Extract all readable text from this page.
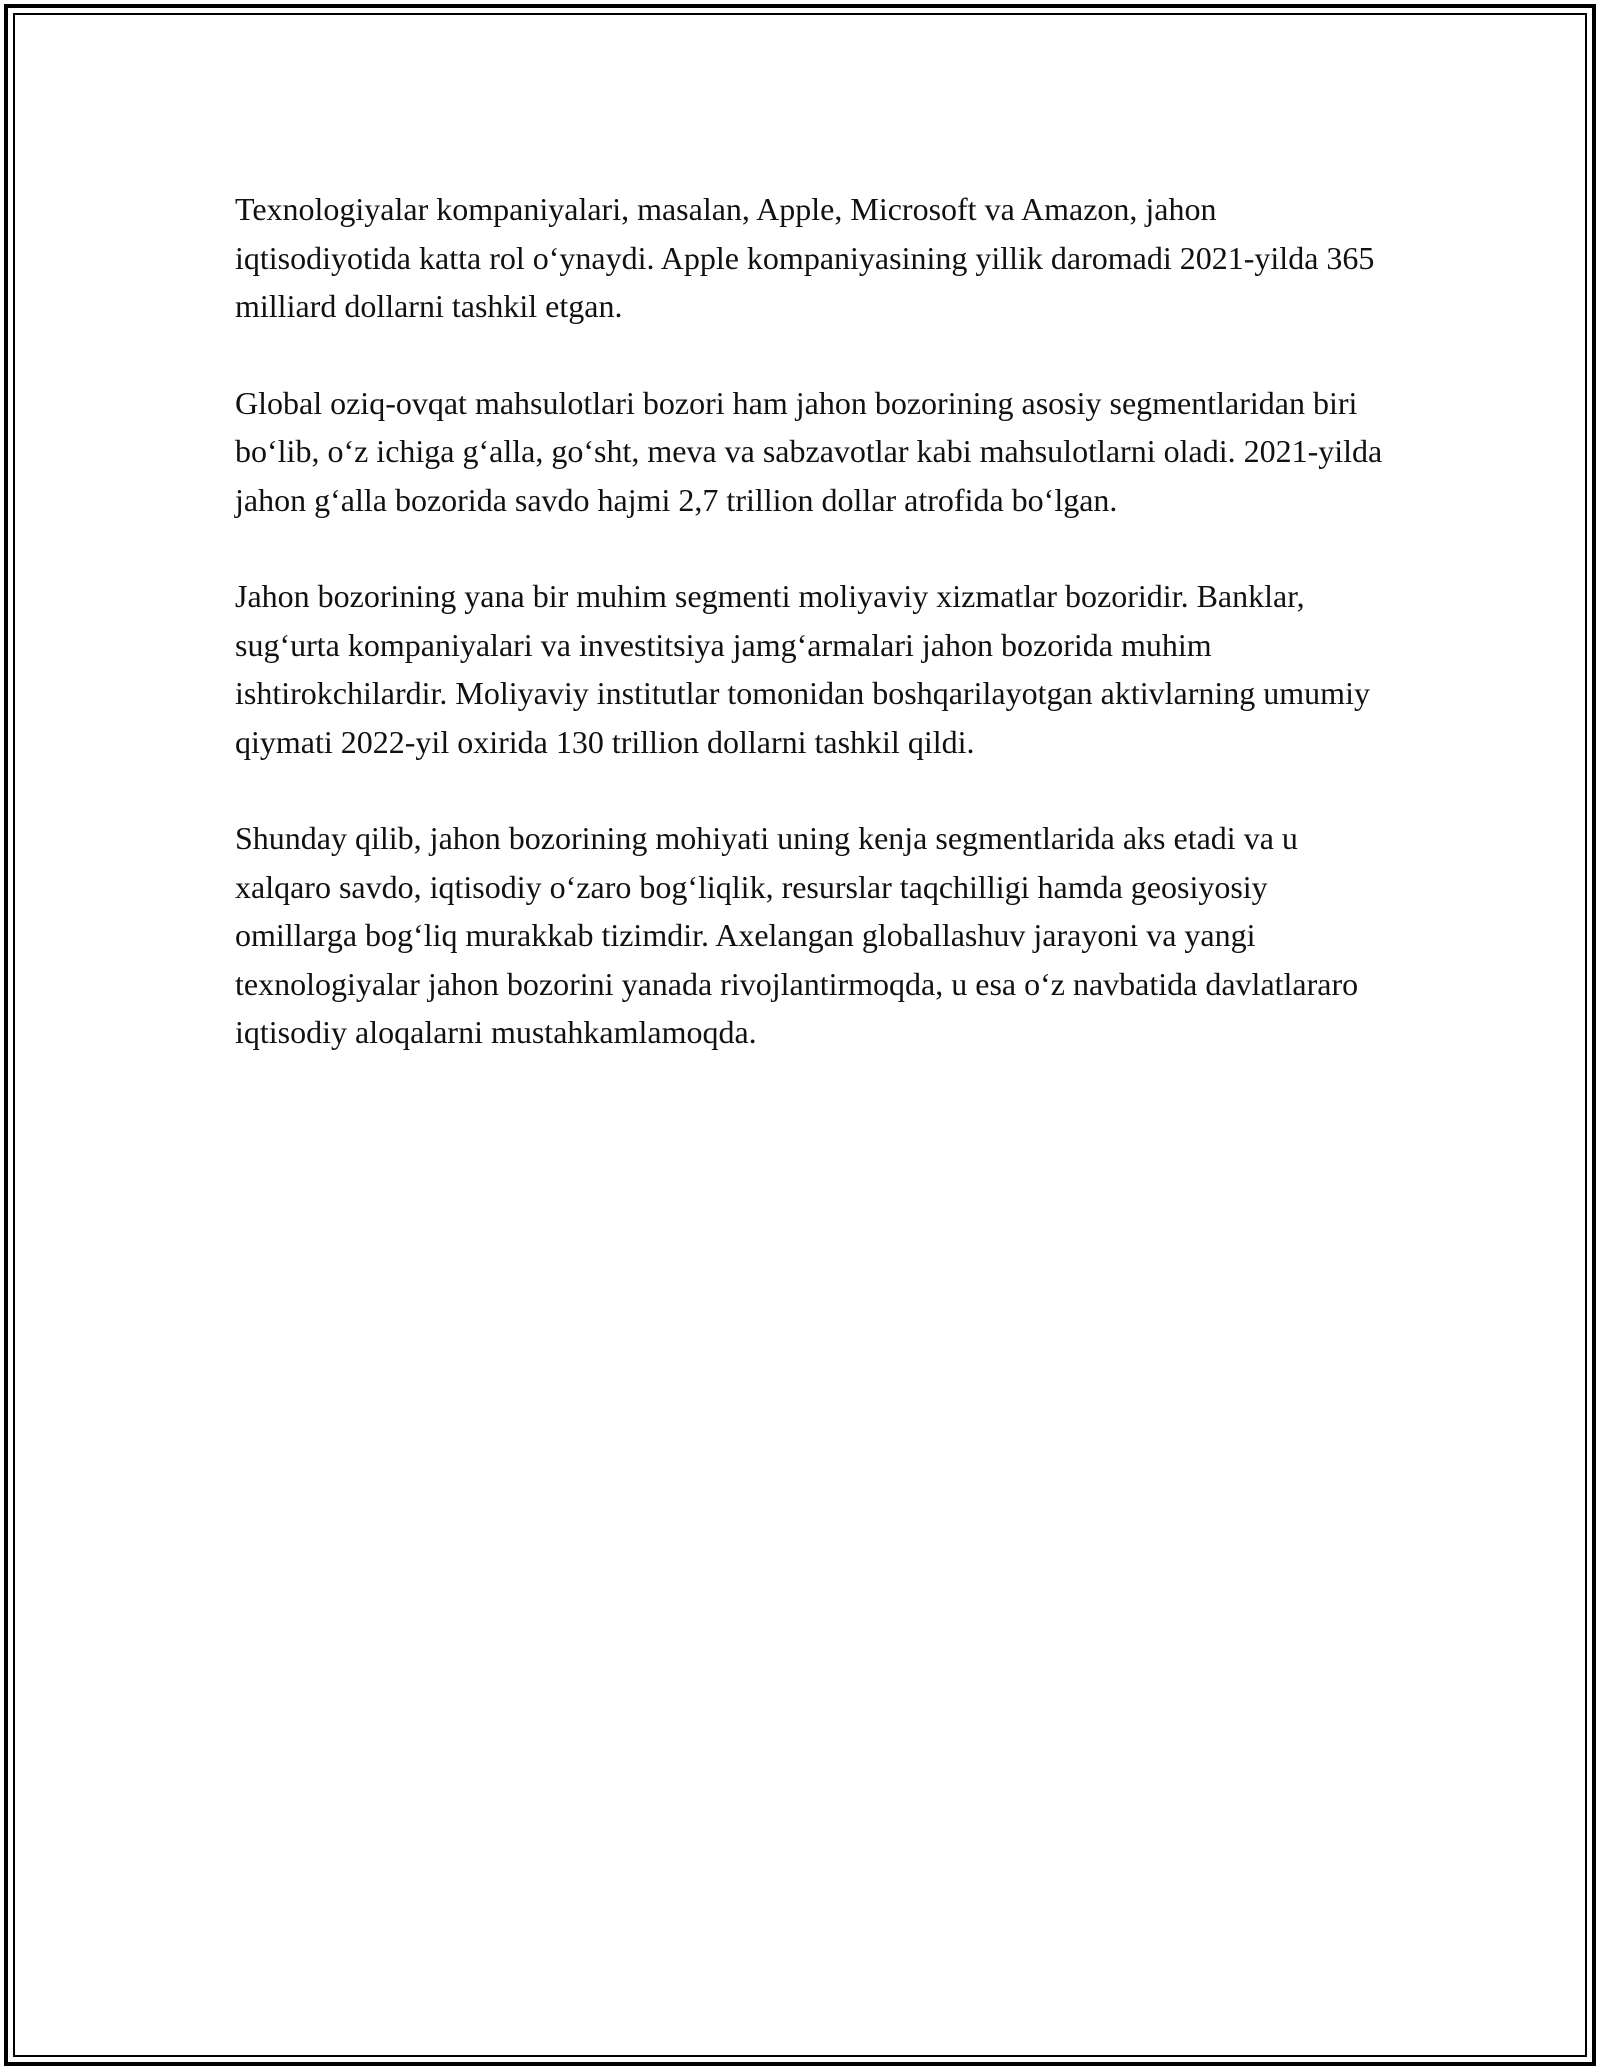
Texnologiyalar kompaniyalari, masalan, Apple, Microsoft va Amazon, jahon iqtisodiyotida katta rol o‘ynaydi. Apple kompaniyasining yillik daromadi 2021-yilda 365 milliard dollarni tashkil etgan.

Global oziq-ovqat mahsulotlari bozori ham jahon bozorining asosiy segmentlaridan biri bo‘lib, o‘z ichiga g‘alla, go‘sht, meva va sabzavotlar kabi mahsulotlarni oladi. 2021-yilda jahon g‘alla bozorida savdo hajmi 2,7 trillion dollar atrofida bo‘lgan.

Jahon bozorining yana bir muhim segmenti moliyaviy xizmatlar bozoridir. Banklar, sug‘urta kompaniyalari va investitsiya jamg‘armalari jahon bozorida muhim ishtirokchilardir. Moliyaviy institutlar tomonidan boshqarilayotgan aktivlarning umumiy qiymati 2022-yil oxirida 130 trillion dollarni tashkil qildi.

Shunday qilib, jahon bozorining mohiyati uning kenja segmentlarida aks etadi va u xalqaro savdo, iqtisodiy o‘zaro bog‘liqlik, resurslar taqchilligi hamda geosiyosiy omillarga bog‘liq murakkab tizimdir. Axelangan globallashuv jarayoni va yangi texnologiyalar jahon bozorini yanada rivojlantirmoqda, u esa o‘z navbatida davlatlararo iqtisodiy aloqalarni mustahkamlamoqda.
